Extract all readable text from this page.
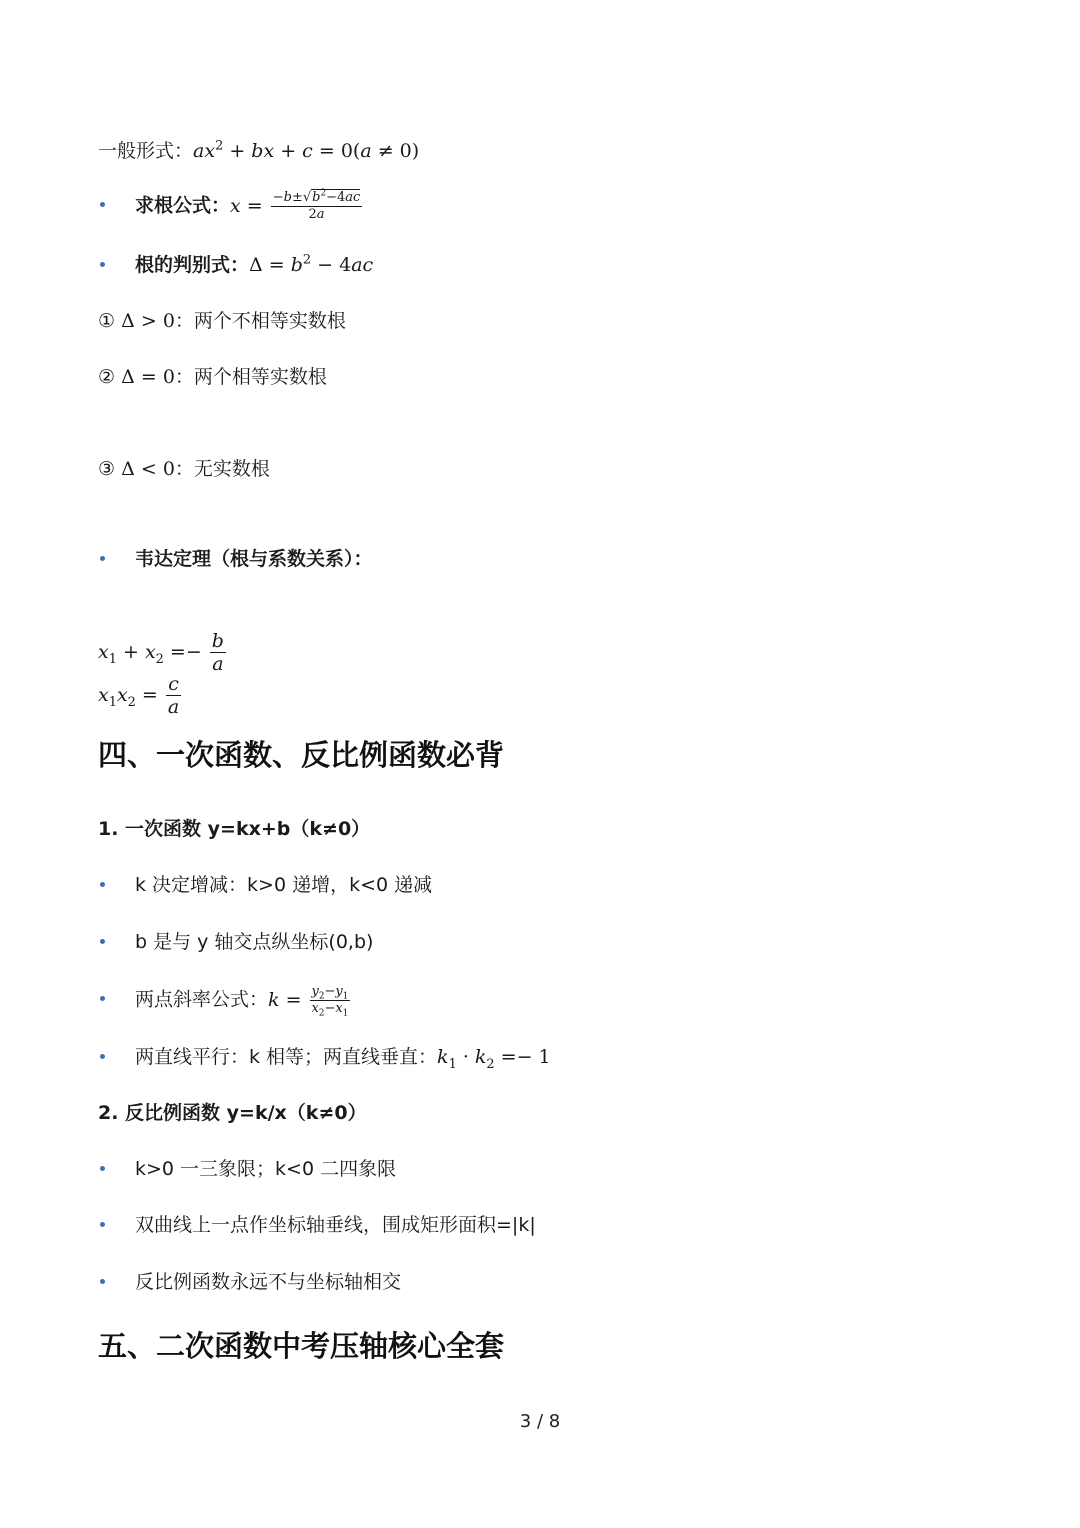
一般形式：$ax^2$ + bx + c = 0(a ≠ 0)
求根公式：$x = \frac{-b\pm√b^2-4ac}{2a}$
根的判别式：$\Delta = b^2 - 4ac$
① Δ > 0：两个不相等实数根
② Δ = 0：两个相等实数根
③ Δ < 0：无实数根
韦达定理（根与系数关系）：
$x_1 + x_2 =- \frac{b}{a}$
$x_1x_2 = \frac{c}{a}$
四、一次函数、反比例函数必背
1. 一次函数 y=kx+b（k≠0）
k 决定增减：k>0 递增，k<0 递减
b 是与 y 轴交点纵坐标(0,b)
两点斜率公式：$k = \frac{y_2-y_1}{x_2-x_1}$
两直线平行：k 相等；两直线垂直：$k_1 \cdot k_2 =- 1$
2. 反比例函数 y=k/x（k≠0）
k>0 一三象限；k<0 二四象限
双曲线上一点作坐标轴垂线，围成矩形面积=|k|
反比例函数永远不与坐标轴相交
五、二次函数中考压轴核心全套
3 / 8
